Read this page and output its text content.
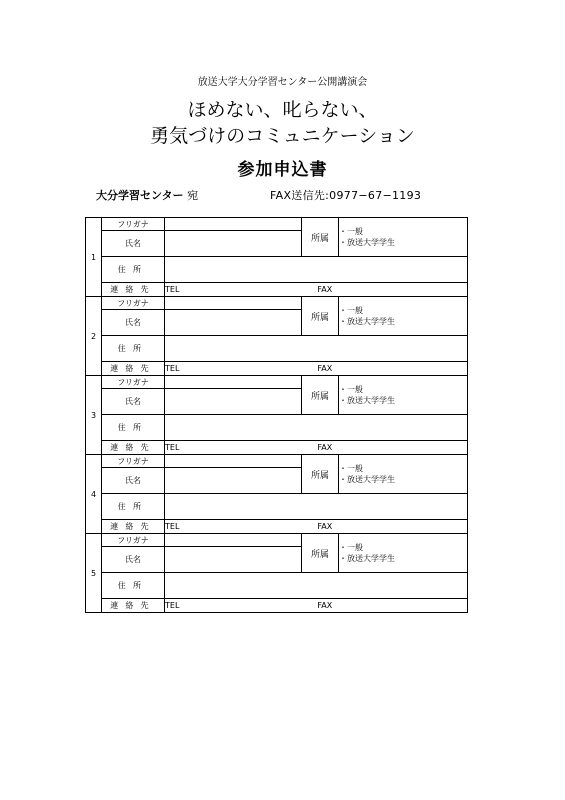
放送大学大分学習センター公開講演会
ほめない、叱らない、
勇気づけのコミュニケーション
参加申込書
大分学習センター 宛	FAX送信先:0977−67−1193
1	フリガナ		所属	・一般
・放送大学学生

	氏名			
	住所			
	連絡先	TEL FAX		
2	フリガナ		所属	・一般
・放送大学学生

	氏名			
	住所			
	連絡先	TEL FAX		
3	フリガナ		所属	・一般
・放送大学学生

	氏名			
	住所			
	連絡先	TEL FAX		
4	フリガナ		所属	・一般
・放送大学学生

	氏名			
	住所			
	連絡先	TEL FAX		
5	フリガナ		所属	・一般
・放送大学学生

	氏名			
	住所			
	連絡先	TEL FAX		
